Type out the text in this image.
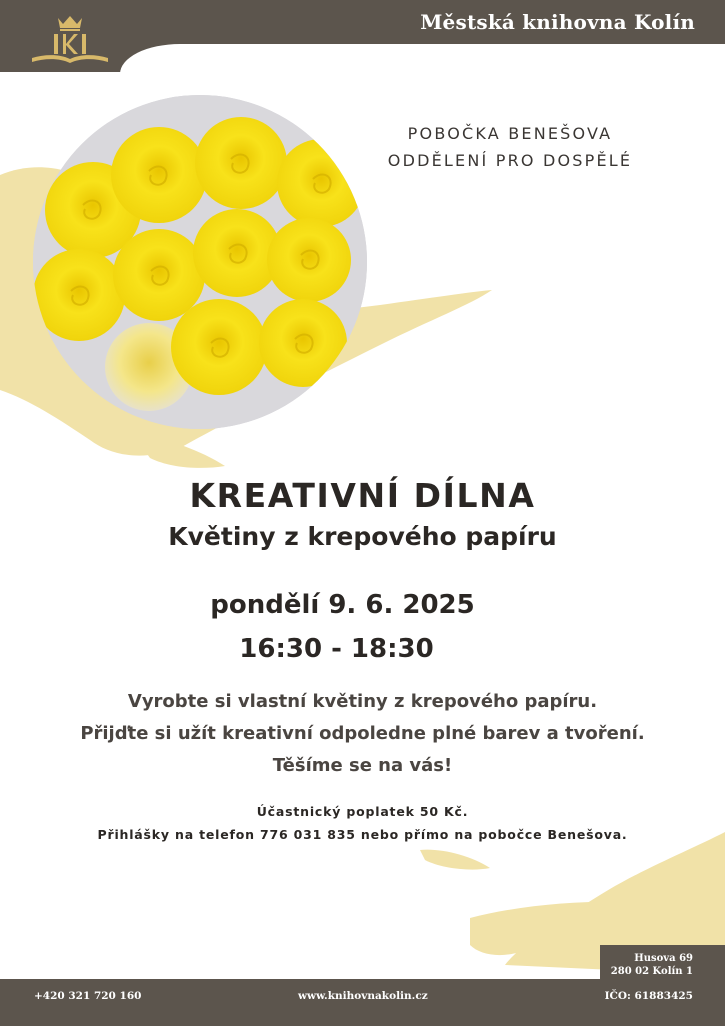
Městská knihovna Kolín
POBOČKA BENEŠOVA
ODDĚLENÍ PRO DOSPĚLÉ
KREATIVNÍ DÍLNA
Květiny z krepového papíru
pondělí 9. 6. 2025
16:30 - 18:30
Vyrobte si vlastní květiny z krepového papíru.
Přijďte si užít kreativní odpoledne plné barev a tvoření.
Těšíme se na vás!
Účastnický poplatek 50 Kč.
Přihlášky na telefon 776 031 835 nebo přímo na pobočce Benešova.
Husova 69
280 02 Kolín 1
+420 321 720 160	www.knihovnakolin.cz	IČO: 61883425
